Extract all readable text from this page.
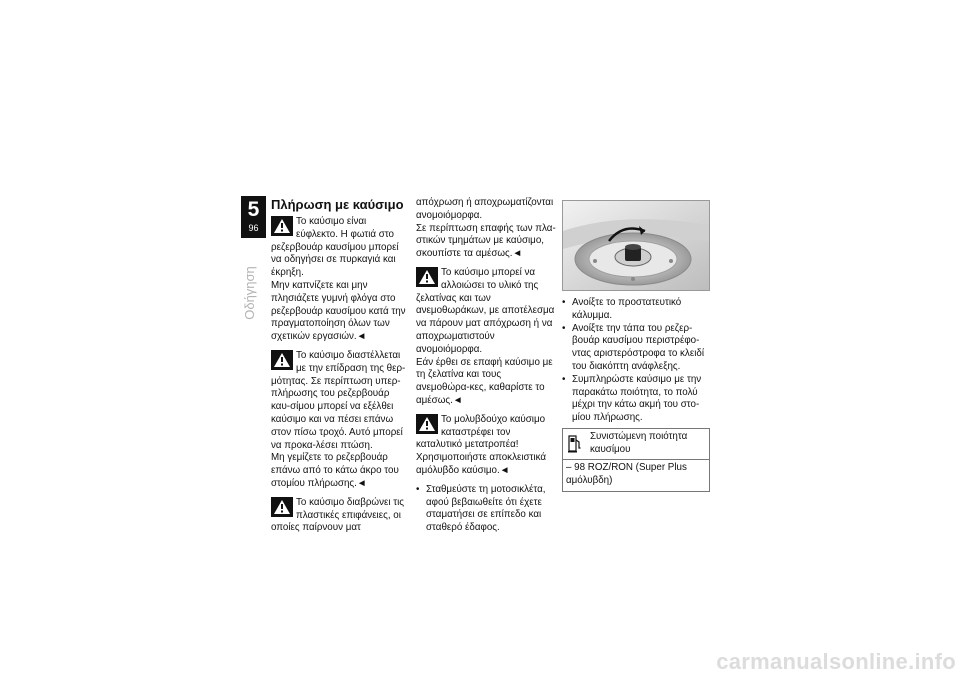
5
96
Οδήγηση
Πλήρωση με καύσιμο

Το καύσιμο είναι εύφλεκτο. Η φωτιά στο ρεζερβουάρ καυσίμου μπορεί να οδηγήσει σε πυρκαγιά και έκρηξη.

Μην καπνίζετε και μην πλησιάζετε γυμνή φλόγα στο ρεζερβουάρ καυσίμου κατά την πραγματοποίηση όλων των σχετικών εργασιών.◄

Το καύσιμο διαστέλλεται με την επίδραση της θερ-μότητας. Σε περίπτωση υπερ-πλήρωσης του ρεζερβουάρ καυ-σίμου μπορεί να εξέλθει καύσιμο και να πέσει επάνω στον πίσω τροχό. Αυτό μπορεί να προκα-λέσει πτώση.

Μη γεμίζετε το ρεζερβουάρ επάνω από το κάτω άκρο του στομίου πλήρωσης.◄

Το καύσιμο διαβρώνει τις πλαστικές επιφάνειες, οι οποίες παίρνουν ματ

απόχρωση ή αποχρωματίζονται ανομοιόμορφα.

Σε περίπτωση επαφής των πλα-στικών τμημάτων με καύσιμο, σκουπίστε τα αμέσως.◄

Το καύσιμο μπορεί να αλλοιώσει το υλικό της ζελατίνας και των ανεμοθωράκων, με αποτέλεσμα να πάρουν ματ απόχρωση ή να αποχρωματιστούν ανομοιόμορφα.

Εάν έρθει σε επαφή καύσιμο με τη ζελατίνα και τους ανεμοθώρα-κες, καθαρίστε το αμέσως.◄

Το μολυβδούχο καύσιμο καταστρέφει τον καταλυτικό μετατροπέα!

Χρησιμοποιήστε αποκλειστικά αμόλυβδο καύσιμο.◄

• Σταθμεύστε τη μοτοσικλέτα, αφού βεβαιωθείτε ότι έχετε σταματήσει σε επίπεδο και σταθερό έδαφος.
• Ανοίξτε το προστατευτικό κάλυμμα.
• Ανοίξτε την τάπα του ρεζερ-βουάρ καυσίμου περιστρέφο-ντας αριστερόστροφα το κλειδί του διακόπτη ανάφλεξης.
• Συμπληρώστε καύσιμο με την παρακάτω ποιότητα, το πολύ μέχρι την κάτω ακμή του στο-μίου πλήρωσης.
Συνιστώμενη ποιότητα καυσίμου
– 98 ROZ/RON (Super Plus αμόλυβδη)
carmanualsonline.info
